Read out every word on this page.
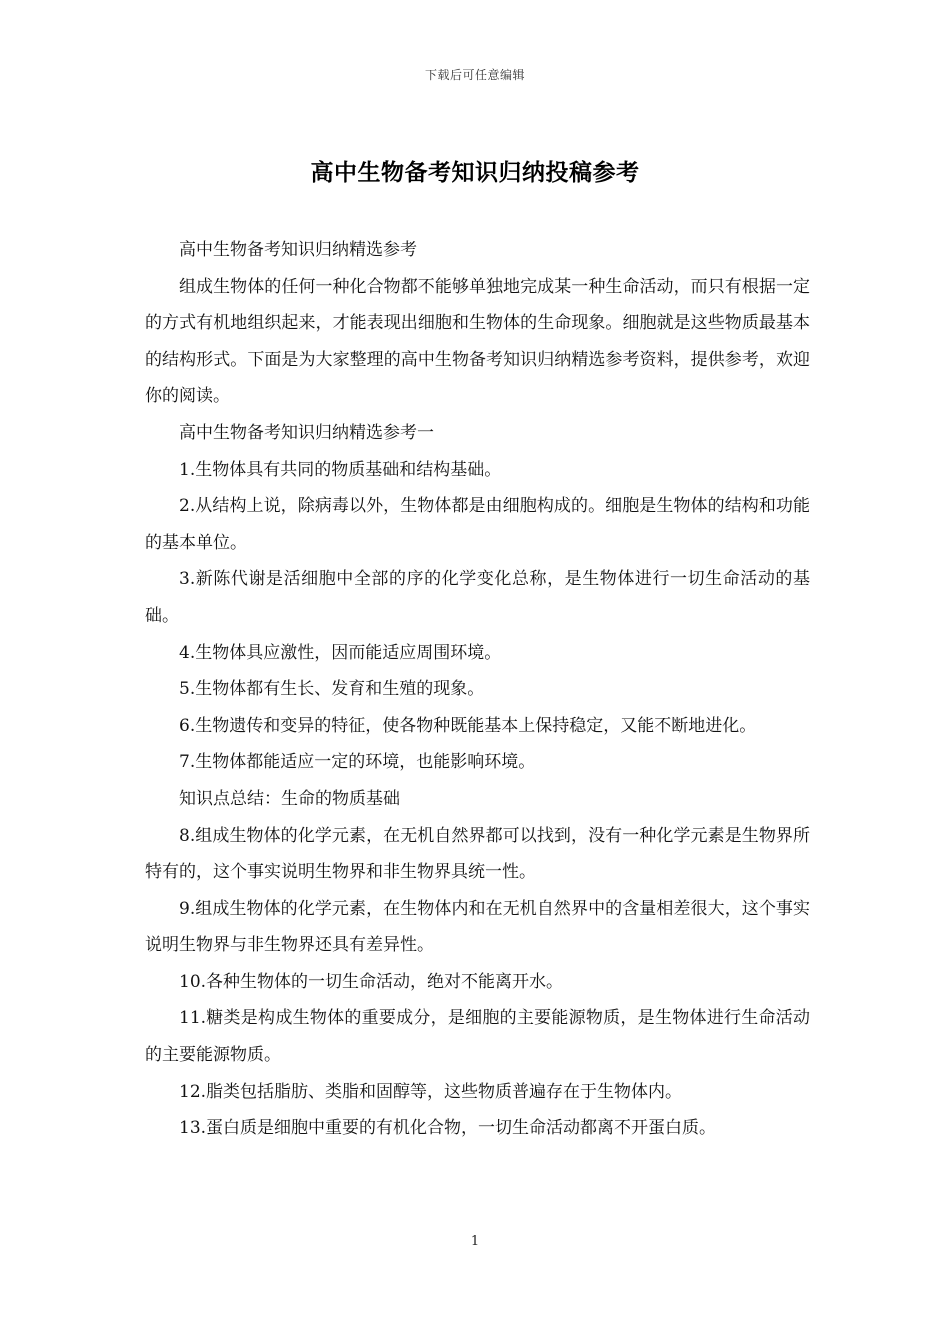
下载后可任意编辑
高中生物备考知识归纳投稿参考

高中生物备考知识归纳精选参考

组成生物体的任何一种化合物都不能够单独地完成某一种生命活动，而只有根据一定的方式有机地组织起来，才能表现出细胞和生物体的生命现象。细胞就是这些物质最基本的结构形式。下面是为大家整理的高中生物备考知识归纳精选参考资料，提供参考，欢迎你的阅读。

高中生物备考知识归纳精选参考一

1.生物体具有共同的物质基础和结构基础。

2.从结构上说，除病毒以外，生物体都是由细胞构成的。细胞是生物体的结构和功能的基本单位。

3.新陈代谢是活细胞中全部的序的化学变化总称，是生物体进行一切生命活动的基础。

4.生物体具应激性，因而能适应周围环境。

5.生物体都有生长、发育和生殖的现象。

6.生物遗传和变异的特征，使各物种既能基本上保持稳定，又能不断地进化。

7.生物体都能适应一定的环境，也能影响环境。

知识点总结：生命的物质基础

8.组成生物体的化学元素，在无机自然界都可以找到，没有一种化学元素是生物界所特有的，这个事实说明生物界和非生物界具统一性。

9.组成生物体的化学元素，在生物体内和在无机自然界中的含量相差很大，这个事实说明生物界与非生物界还具有差异性。

10.各种生物体的一切生命活动，绝对不能离开水。

11.糖类是构成生物体的重要成分，是细胞的主要能源物质，是生物体进行生命活动的主要能源物质。

12.脂类包括脂肪、类脂和固醇等，这些物质普遍存在于生物体内。

13.蛋白质是细胞中重要的有机化合物，一切生命活动都离不开蛋白质。

1
